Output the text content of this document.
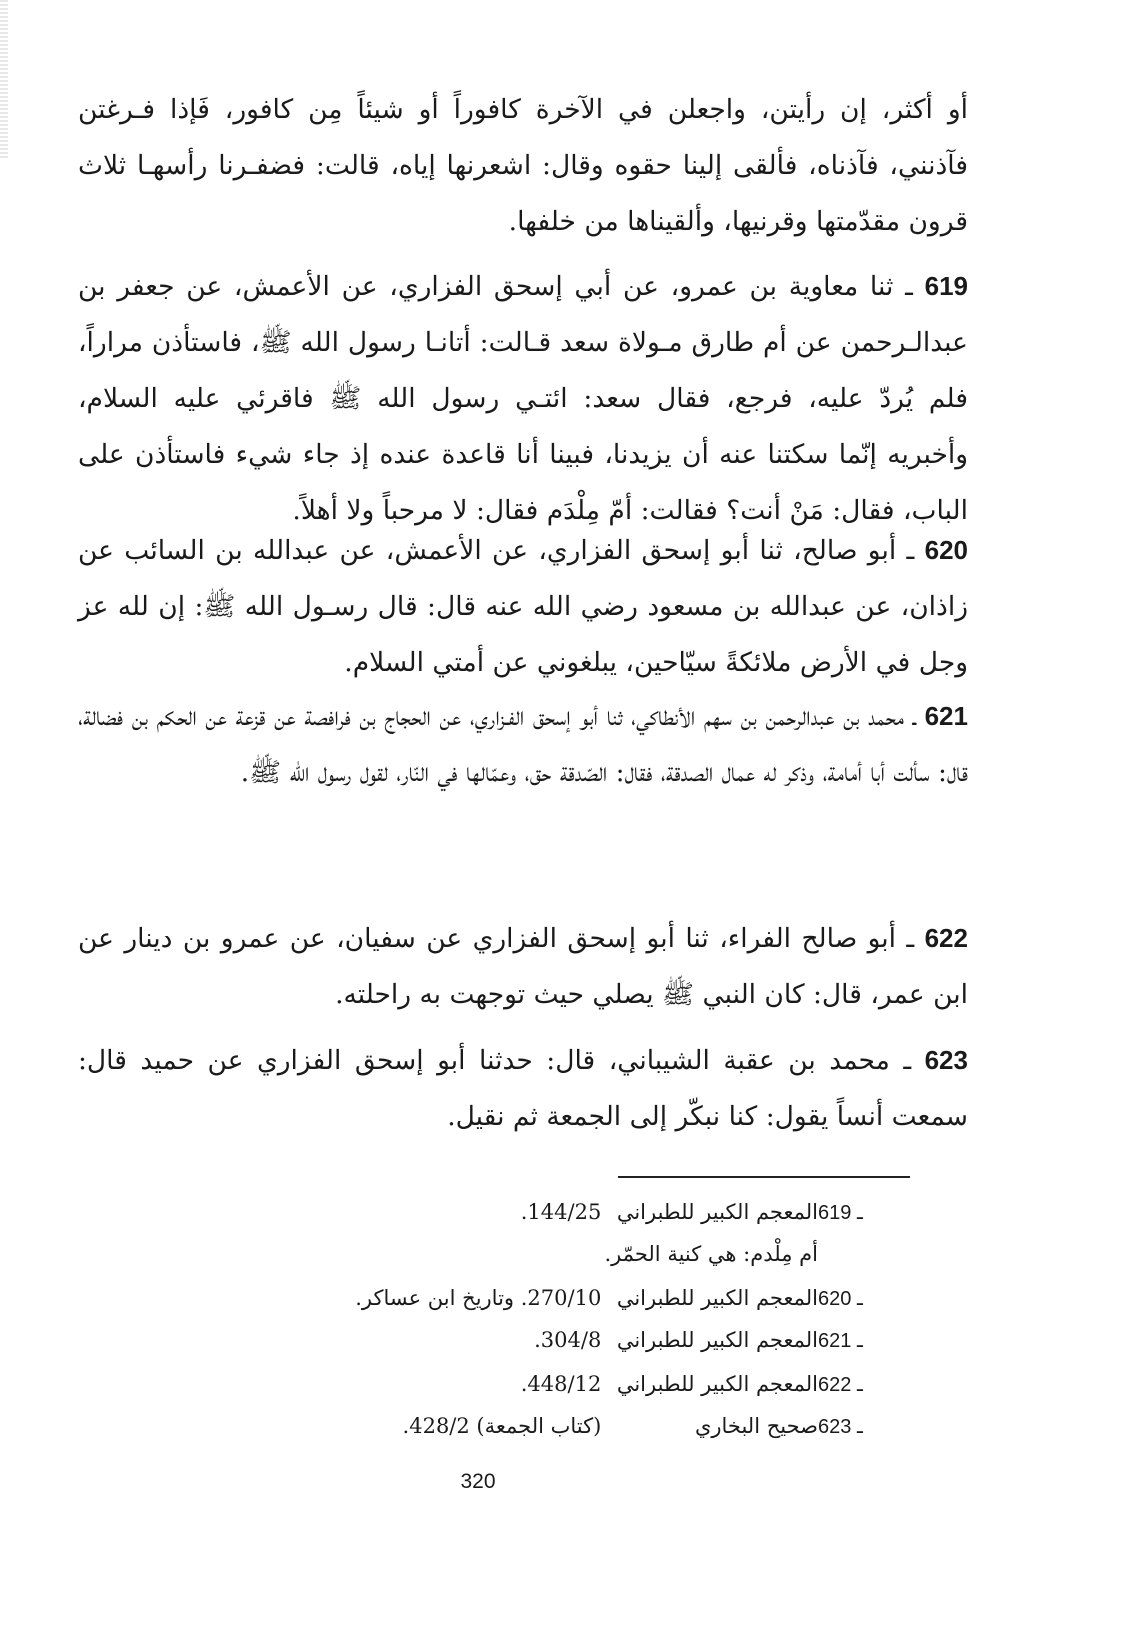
أو أكثر، إن رأيتن، واجعلن في الآخرة كافوراً أو شيئاً مِن كافور، فَإذا فـرغتن فآذنني، فآذناه، فألقى إلينا حقوه وقال: اشعرنها إياه، قالت: فضفـرنا رأسهـا ثلاث قرون مقدّمتها وقرنيها، وألقيناها من خلفها.

619 ـ ثنا معاوية بن عمرو، عن أبي إسحق الفزاري، عن الأعمش، عن جعفر بن عبدالـرحمن عن أم طارق مـولاة سعد قـالت: أتانـا رسول الله ﷺ، فاستأذن مراراً، فلم يُردّ عليه، فرجع، فقال سعد: ائتـي رسول الله ﷺ فاقرئي عليه السلام، وأخبريه إنّما سكتنا عنه أن يزيدنا، فبينا أنا قاعدة عنده إذ جاء شيء فاستأذن على الباب، فقال: مَنْ أنت؟ فقالت: أمّ مِلْدَم فقال: لا مرحباً ولا أهلاً.

620 ـ أبو صالح، ثنا أبو إسحق الفزاري، عن الأعمش، عن عبدالله بن السائب عن زاذان، عن عبدالله بن مسعود رضي الله عنه قال: قال رسـول الله ﷺ: إن لله عز وجل في الأرض ملائكةً سيّاحين، يبلغوني عن أمتي السلام.

621 ـ محمد بن عبدالرحمن بن سهم الأنطاكي، ثنا أبو إسحق الفـزاري، عن الحجاج بن فرافصة عن قزعة عن الحكم بن فضالة، قال: سألت أبا أمامة، وذكر له عمال الصدقة، فقال: الصّدقة حق، وعمّالها في النّار، لقول رسول الله ﷺ.

622 ـ أبو صالح الفراء، ثنا أبو إسحق الفزاري عن سفيان، عن عمرو بن دينار عن ابن عمر، قال: كان النبي ﷺ يصلي حيث توجهت به راحلته.

623 ـ محمد بن عقبة الشيباني، قال: حدثنا أبو إسحق الفزاري عن حميد قال: سمعت أنساً يقول: كنا نبكّر إلى الجمعة ثم نقيل.

619 ـالمعجم الكبير للطبراني 144/25.
أم مِلْدم: هي كنية الحمّر.
620 ـالمعجم الكبير للطبراني 270/10. وتاريخ ابن عساكر.
621 ـالمعجم الكبير للطبراني 304/8.
622 ـالمعجم الكبير للطبراني 448/12.
623 ـصحيح البخاري (كتاب الجمعة) 428/2.
320
